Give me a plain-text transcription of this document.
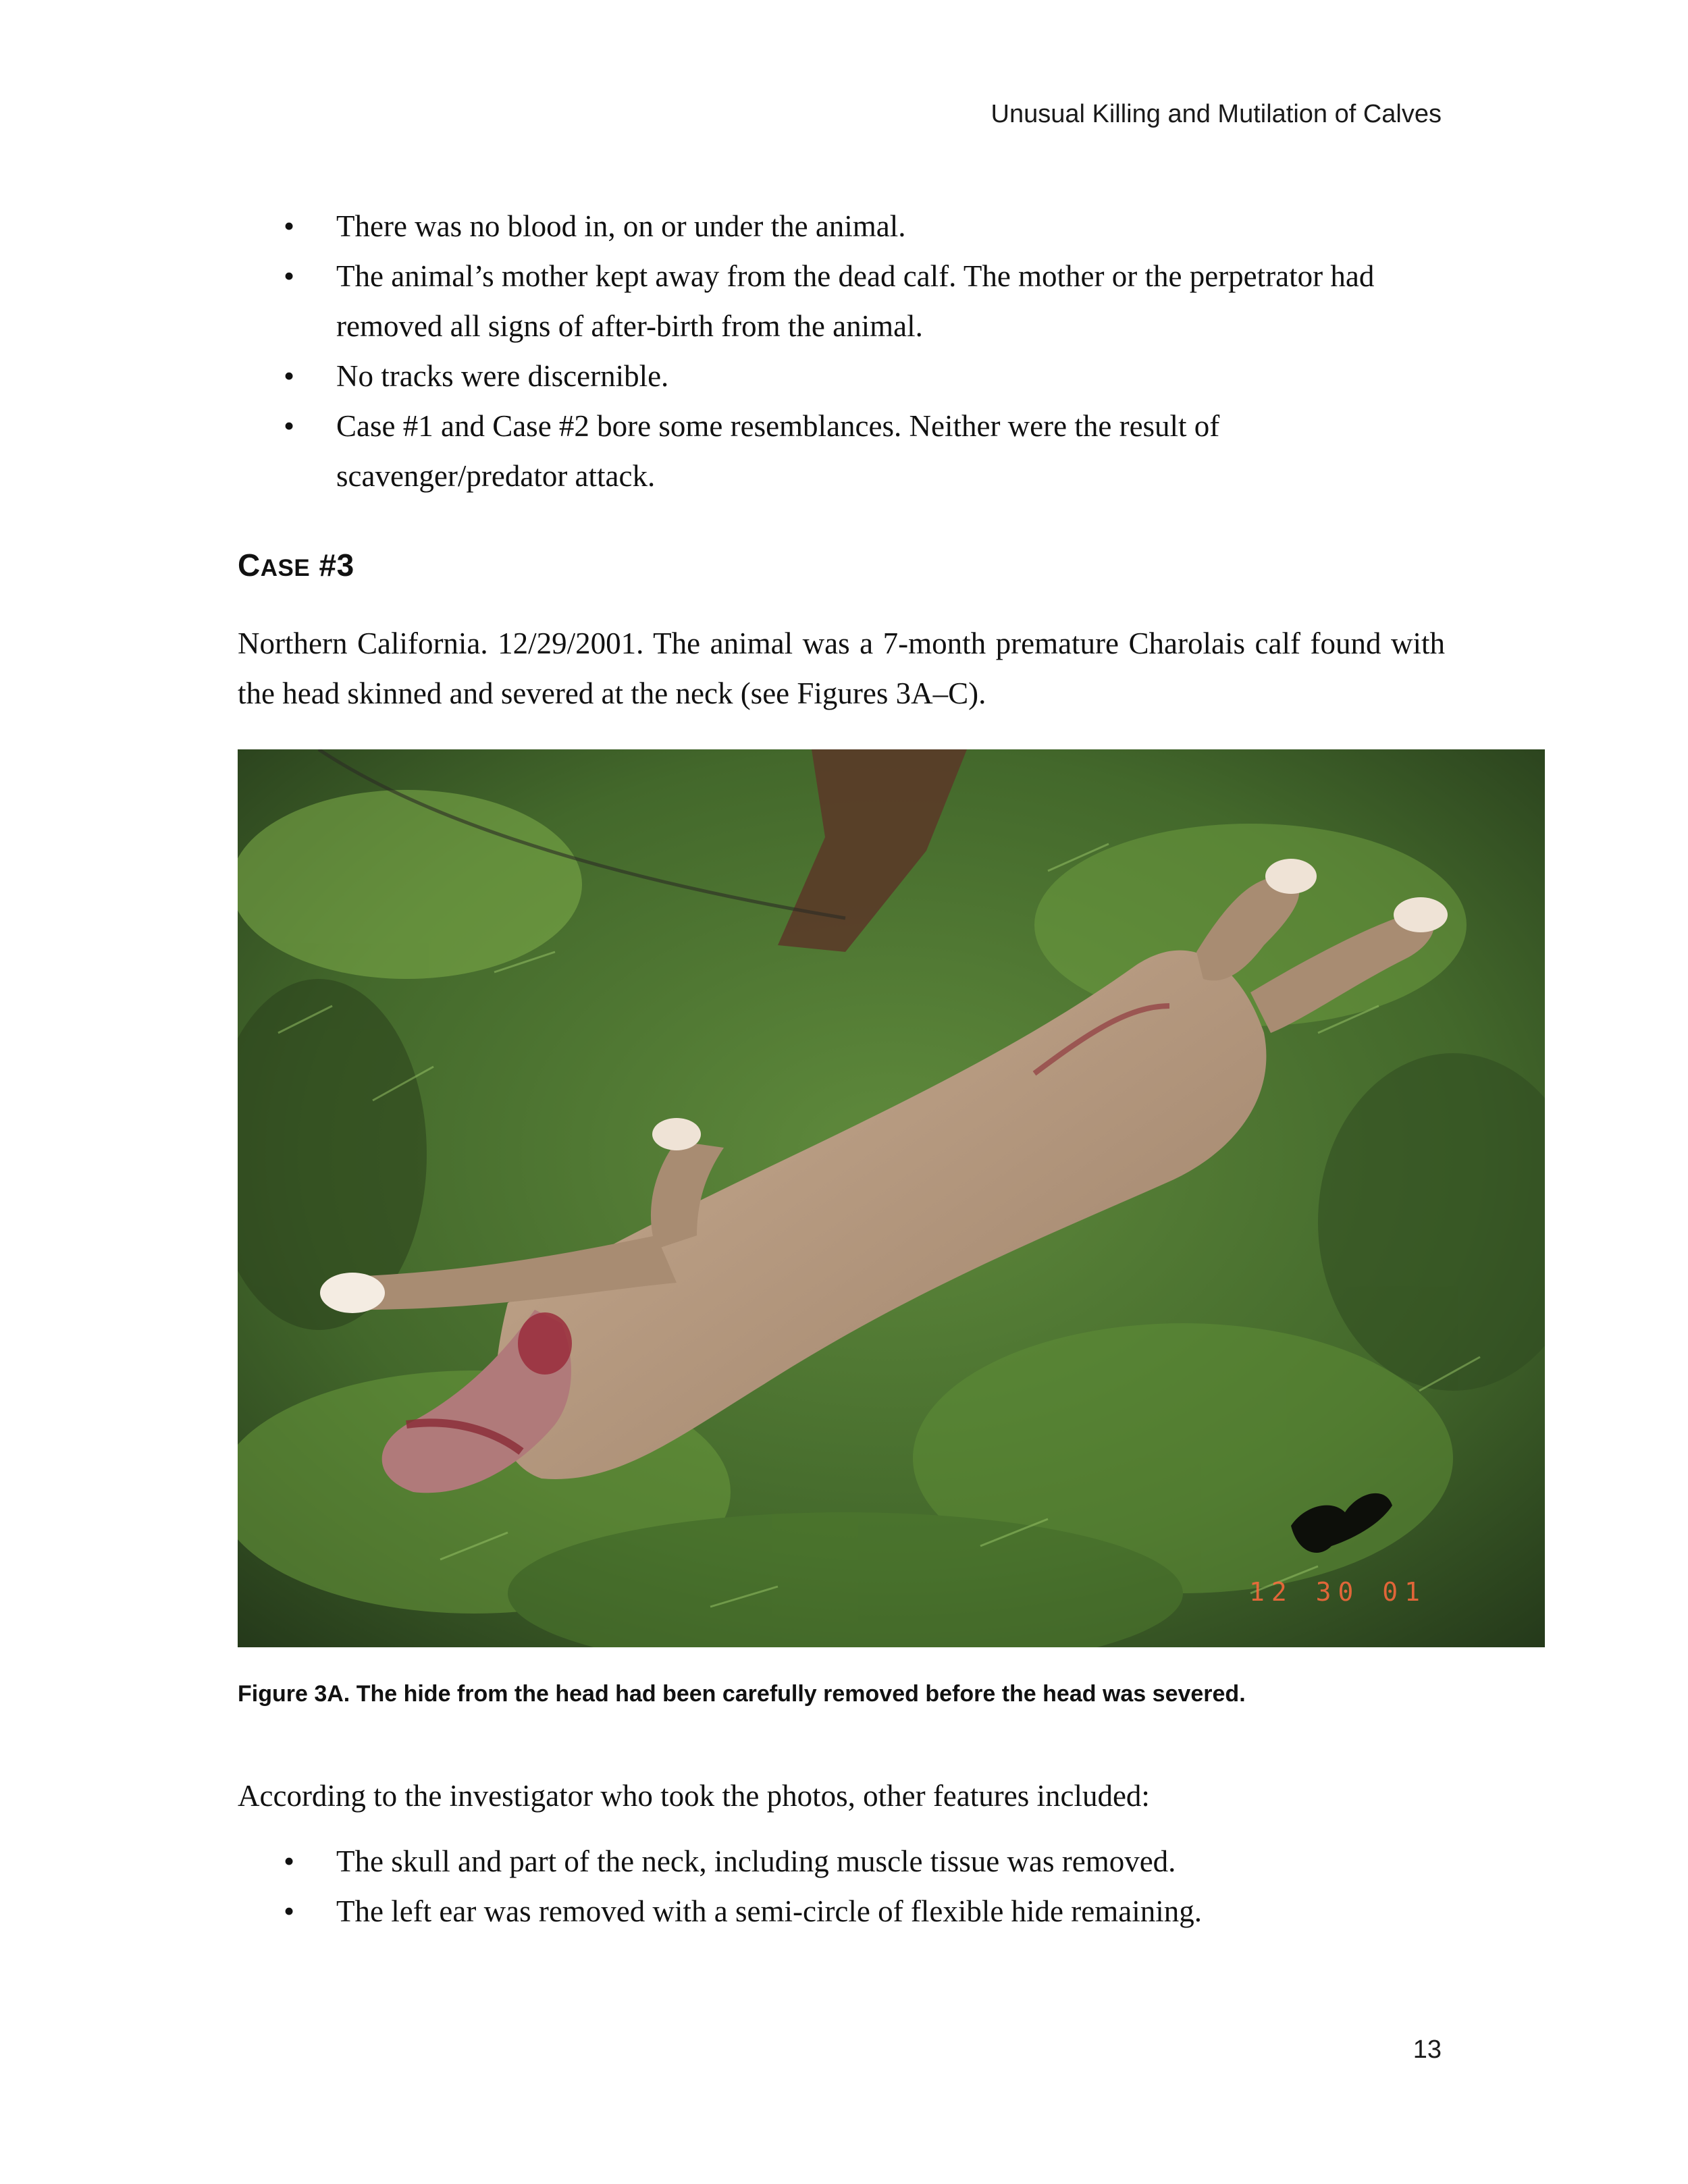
Unusual Killing and Mutilation of Calves
• There was no blood in, on or under the animal.
• The animal’s mother kept away from the dead calf. The mother or the perpetrator had removed all signs of after-birth from the animal.
• No tracks were discernible.
• Case #1 and Case #2 bore some resemblances. Neither were the result of scavenger/predator attack.
CASE #3

Northern California. 12/29/2001. The animal was a 7-month premature Charolais calf found with the head skinned and severed at the neck (see Figures 3A–C).

12 30 01

Figure 3A. The hide from the head had been carefully removed before the head was severed.

According to the investigator who took the photos, other features included:

• The skull and part of the neck, including muscle tissue was removed.
• The left ear was removed with a semi-circle of flexible hide remaining.
13
